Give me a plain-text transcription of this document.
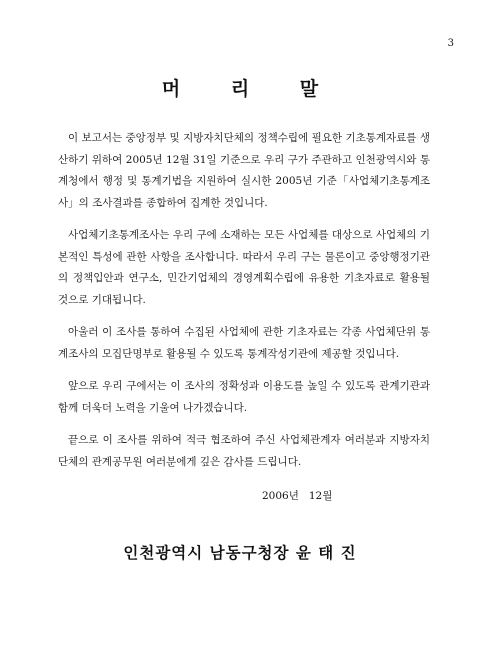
3
머 리 말

이 보고서는 중앙정부 및 지방자치단체의 정책수립에 필요한 기초통계자료를 생산하기 위하여 2005년 12월 31일 기준으로 우리 구가 주관하고 인천광역시와 통계청에서 행정 및 통계기법을 지원하여 실시한 2005년 기준「사업체기초통계조사」의 조사결과를 종합하여 집계한 것입니다.

사업체기초통계조사는 우리 구에 소재하는 모든 사업체를 대상으로 사업체의 기본적인 특성에 관한 사항을 조사합니다. 따라서 우리 구는 물론이고 중앙행정기관의 정책입안과 연구소, 민간기업체의 경영계획수립에 유용한 기초자료로 활용될 것으로 기대됩니다.

아울러 이 조사를 통하여 수집된 사업체에 관한 기초자료는 각종 사업체단위 통계조사의 모집단명부로 활용될 수 있도록 통계작성기관에 제공할 것입니다.

앞으로 우리 구에서는 이 조사의 정확성과 이용도를 높일 수 있도록 관계기관과 함께 더욱더 노력을 기울여 나가겠습니다.

끝으로 이 조사를 위하여 적극 협조하여 주신 사업체관계자 여러분과 지방자치단체의 관계공무원 여러분에게 깊은 감사를 드립니다.

2006년 12월
인천광역시 남동구청장 윤 태 진
